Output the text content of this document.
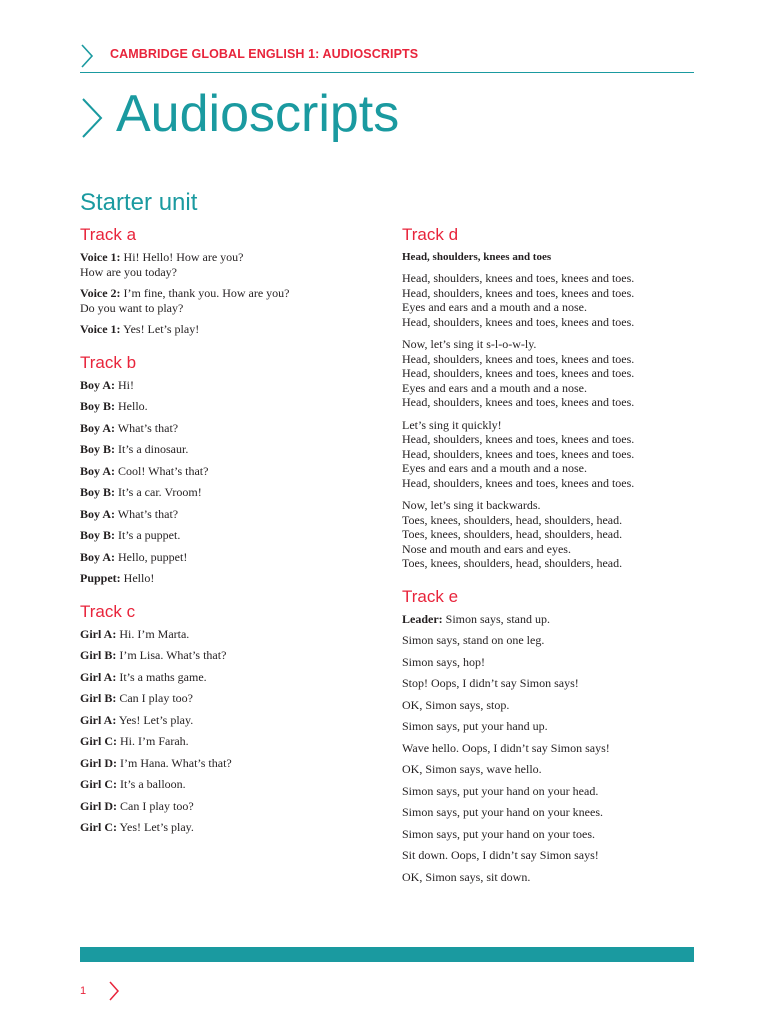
CAMBRIDGE GLOBAL ENGLISH 1: AUDIOSCRIPTS
Audioscripts
Starter unit
Track a
Voice 1: Hi! Hello! How are you?
How are you today?
Voice 2: I’m fine, thank you. How are you?
Do you want to play?
Voice 1: Yes! Let’s play!
Track b
Boy A: Hi!
Boy B: Hello.
Boy A: What’s that?
Boy B: It’s a dinosaur.
Boy A: Cool! What’s that?
Boy B: It’s a car. Vroom!
Boy A: What’s that?
Boy B: It’s a puppet.
Boy A: Hello, puppet!
Puppet: Hello!
Track c
Girl A: Hi. I’m Marta.
Girl B: I’m Lisa. What’s that?
Girl A: It’s a maths game.
Girl B: Can I play too?
Girl A: Yes! Let’s play.
Girl C: Hi. I’m Farah.
Girl D: I’m Hana. What’s that?
Girl C: It’s a balloon.
Girl D: Can I play too?
Girl C: Yes! Let’s play.
Track d
Head, shoulders, knees and toes
Head, shoulders, knees and toes, knees and toes.
Head, shoulders, knees and toes, knees and toes.
Eyes and ears and a mouth and a nose.
Head, shoulders, knees and toes, knees and toes.
Now, let’s sing it s-l-o-w-ly.
Head, shoulders, knees and toes, knees and toes.
Head, shoulders, knees and toes, knees and toes.
Eyes and ears and a mouth and a nose.
Head, shoulders, knees and toes, knees and toes.
Let’s sing it quickly!
Head, shoulders, knees and toes, knees and toes.
Head, shoulders, knees and toes, knees and toes.
Eyes and ears and a mouth and a nose.
Head, shoulders, knees and toes, knees and toes.
Now, let’s sing it backwards.
Toes, knees, shoulders, head, shoulders, head.
Toes, knees, shoulders, head, shoulders, head.
Nose and mouth and ears and eyes.
Toes, knees, shoulders, head, shoulders, head.
Track e
Leader: Simon says, stand up.
Simon says, stand on one leg.
Simon says, hop!
Stop! Oops, I didn’t say Simon says!
OK, Simon says, stop.
Simon says, put your hand up.
Wave hello. Oops, I didn’t say Simon says!
OK, Simon says, wave hello.
Simon says, put your hand on your head.
Simon says, put your hand on your knees.
Simon says, put your hand on your toes.
Sit down. Oops, I didn’t say Simon says!
OK, Simon says, sit down.
1
